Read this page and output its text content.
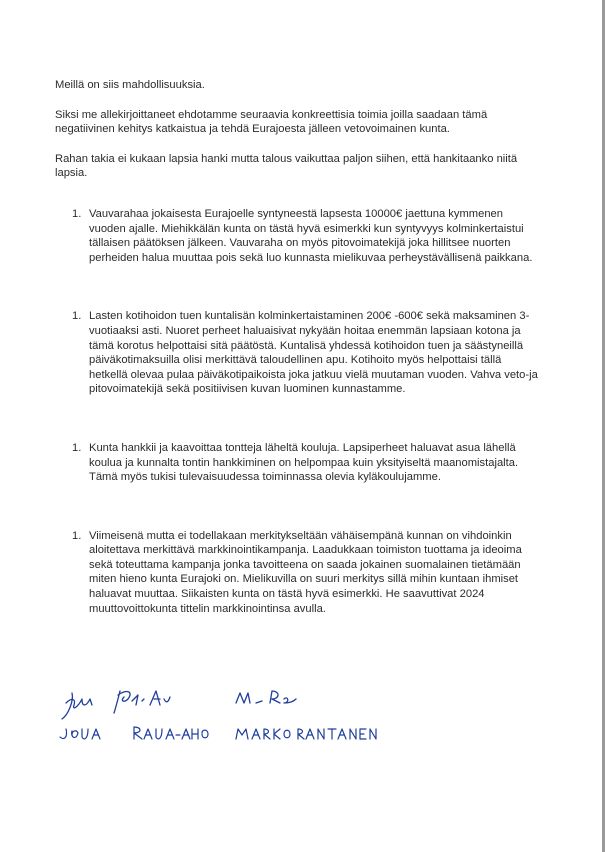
Meillä on siis mahdollisuuksia.

Siksi me allekirjoittaneet ehdotamme seuraavia konkreettisia toimia joilla saadaan tämä negatiivinen kehitys katkaistua ja tehdä Eurajoesta jälleen vetovoimainen kunta.

Rahan takia ei kukaan lapsia hanki mutta talous vaikuttaa paljon siihen, että hankitaanko niitä lapsia.

1. Vauvarahaa jokaisesta Eurajoelle syntyneestä lapsesta 10000€ jaettuna kymmenen vuoden ajalle. Miehikkälän kunta on tästä hyvä esimerkki kun syntyvyys kolminkertaistui tällaisen päätöksen jälkeen. Vauvaraha on myös pitovoimatekijä joka hillitsee nuorten perheiden halua muuttaa pois sekä luo kunnasta mielikuvaa perheystävällisenä paikkana.

1. Lasten kotihoidon tuen kuntalisän kolminkertaistaminen 200€ -600€ sekä maksaminen 3-vuotiaaksi asti. Nuoret perheet haluaisivat nykyään hoitaa enemmän lapsiaan kotona ja tämä korotus helpottaisi sitä päätöstä. Kuntalisä yhdessä kotihoidon tuen ja säästyneillä päiväkotimaksuilla olisi merkittävä taloudellinen apu. Kotihoito myös helpottaisi tällä hetkellä olevaa pulaa päiväkotipaikoista joka jatkuu vielä muutaman vuoden. Vahva veto-ja pitovoimatekijä sekä positiivisen kuvan luominen kunnastamme.

1. Kunta hankkii ja kaavoittaa tontteja läheltä kouluja. Lapsiperheet haluavat asua lähellä koulua ja kunnalta tontin hankkiminen on helpompaa kuin yksityiseltä maanomistajalta. Tämä myös tukisi tulevaisuudessa toiminnassa olevia kyläkoulujamme.

1. Viimeisenä mutta ei todellakaan merkitykseltään vähäisempänä kunnan on vihdoinkin aloitettava merkittävä markkinointikampanja. Laadukkaan toimiston tuottama ja ideoima sekä toteuttama kampanja jonka tavoitteena on saada jokainen suomalainen tietämään miten hieno kunta Eurajoki on. Mielikuvilla on suuri merkitys sillä mihin kuntaan ihmiset haluavat muuttaa. Siikaisten kunta on tästä hyvä esimerkki. He saavuttivat 2024 muuttovoittokunta tittelin markkinointinsa avulla.
